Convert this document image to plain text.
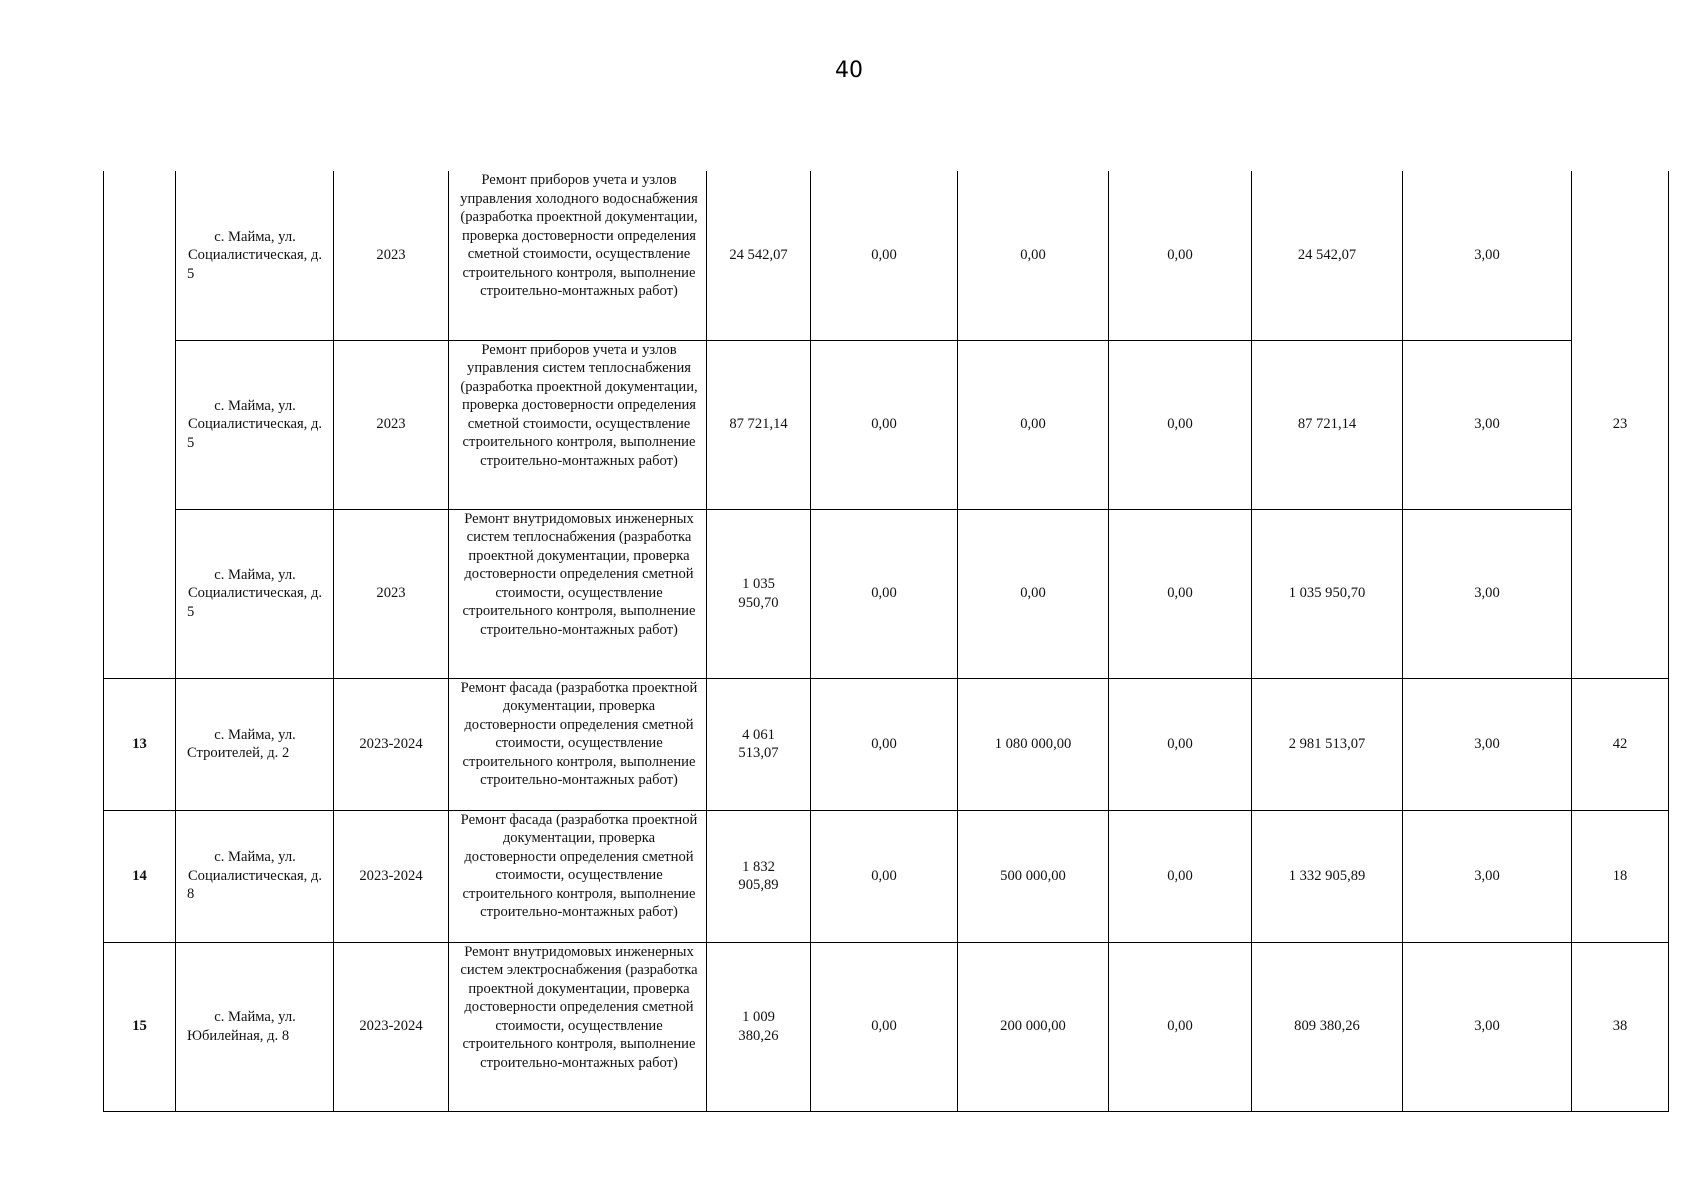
40

	с. Майма, ул. Социалистическая, д. 5	2023	Ремонт приборов учета и узлов управления холодного водоснабжения (разработка проектной документации, проверка достоверности определения сметной стоимости, осуществление строительного контроля, выполнение строительно-монтажных работ)	24 542,07	0,00	0,00	0,00	24 542,07	3,00	23

	с. Майма, ул. Социалистическая, д. 5	2023	Ремонт приборов учета и узлов управления систем теплоснабжения (разработка проектной документации, проверка достоверности определения сметной стоимости, осуществление строительного контроля, выполнение строительно-монтажных работ)	87 721,14	0,00	0,00	0,00	87 721,14	3,00	

	с. Майма, ул. Социалистическая, д. 5	2023	Ремонт внутридомовых инженерных систем теплоснабжения (разработка проектной документации, проверка достоверности определения сметной стоимости, осуществление строительного контроля, выполнение строительно-монтажных работ)	1 035 950,70	0,00	0,00	0,00	1 035 950,70	3,00	
13	с. Майма, ул. Строителей, д. 2	2023-2024	Ремонт фасада (разработка проектной документации, проверка достоверности определения сметной стоимости, осуществление строительного контроля, выполнение строительно-монтажных работ)	4 061 513,07	0,00	1 080 000,00	0,00	2 981 513,07	3,00	42
14	с. Майма, ул. Социалистическая, д. 8	2023-2024	Ремонт фасада (разработка проектной документации, проверка достоверности определения сметной стоимости, осуществление строительного контроля, выполнение строительно-монтажных работ)	1 832 905,89	0,00	500 000,00	0,00	1 332 905,89	3,00	18
15	с. Майма, ул. Юбилейная, д. 8	2023-2024	Ремонт внутридомовых инженерных систем электроснабжения (разработка проектной документации, проверка достоверности определения сметной стоимости, осуществление строительного контроля, выполнение строительно-монтажных работ)	1 009 380,26	0,00	200 000,00	0,00	809 380,26	3,00	38
